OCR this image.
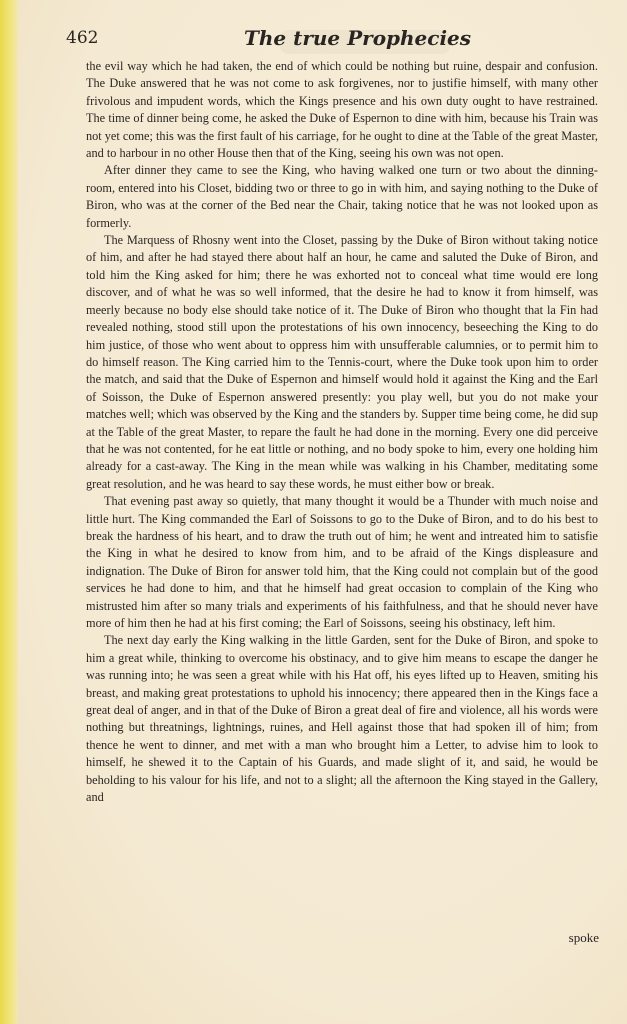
462	The true Prophecies

the evil way which he had taken, the end of which could be nothing but ruine, despair and confusion. The Duke answered that he was not come to ask forgivenes, nor to justifie himself, with many other frivolous and impudent words, which the Kings presence and his own duty ought to have restrained. The time of dinner being come, he asked the Duke of Espernon to dine with him, because his Train was not yet come; this was the first fault of his carriage, for he ought to dine at the Table of the great Master, and to harbour in no other House then that of the King, seeing his own was not open.

After dinner they came to see the King, who having walked one turn or two about the dinning-room, entered into his Closet, bidding two or three to go in with him, and saying nothing to the Duke of Biron, who was at the corner of the Bed near the Chair, taking notice that he was not looked upon as formerly.

The Marquess of Rhosny went into the Closet, passing by the Duke of Biron without taking notice of him, and after he had stayed there about half an hour, he came and saluted the Duke of Biron, and told him the King asked for him; there he was exhorted not to conceal what time would ere long discover, and of what he was so well informed, that the desire he had to know it from himself, was meerly because no body else should take notice of it. The Duke of Biron who thought that la Fin had revealed nothing, stood still upon the protestations of his own innocency, beseeching the King to do him justice, of those who went about to oppress him with unsufferable calumnies, or to permit him to do himself reason. The King carried him to the Tennis-court, where the Duke took upon him to order the match, and said that the Duke of Espernon and himself would hold it against the King and the Earl of Soisson, the Duke of Espernon answered presently: you play well, but you do not make your matches well; which was observed by the King and the standers by. Supper time being come, he did sup at the Table of the great Master, to repare the fault he had done in the morning. Every one did perceive that he was not contented, for he eat little or nothing, and no body spoke to him, every one holding him already for a cast-away. The King in the mean while was walking in his Chamber, meditating some great resolution, and he was heard to say these words, he must either bow or break.

That evening past away so quietly, that many thought it would be a Thunder with much noise and little hurt. The King commanded the Earl of Soissons to go to the Duke of Biron, and to do his best to break the hardness of his heart, and to draw the truth out of him; he went and intreated him to satisfie the King in what he desired to know from him, and to be afraid of the Kings displeasure and indignation. The Duke of Biron for answer told him, that the King could not complain but of the good services he had done to him, and that he himself had great occasion to complain of the King who mistrusted him after so many trials and experiments of his faithfulness, and that he should never have more of him then he had at his first coming; the Earl of Soissons, seeing his obstinacy, left him.

The next day early the King walking in the little Garden, sent for the Duke of Biron, and spoke to him a great while, thinking to overcome his obstinacy, and to give him means to escape the danger he was running into; he was seen a great while with his Hat off, his eyes lifted up to Heaven, smiting his breast, and making great protestations to uphold his innocency; there appeared then in the Kings face a great deal of anger, and in that of the Duke of Biron a great deal of fire and violence, all his words were nothing but threatnings, lightnings, ruines, and Hell against those that had spoken ill of him; from thence he went to dinner, and met with a man who brought him a Letter, to advise him to look to himself, he shewed it to the Captain of his Guards, and made slight of it, and said, he would be beholding to his valour for his life, and not to a slight; all the afternoon the King stayed in the Gallery, and

spoke
